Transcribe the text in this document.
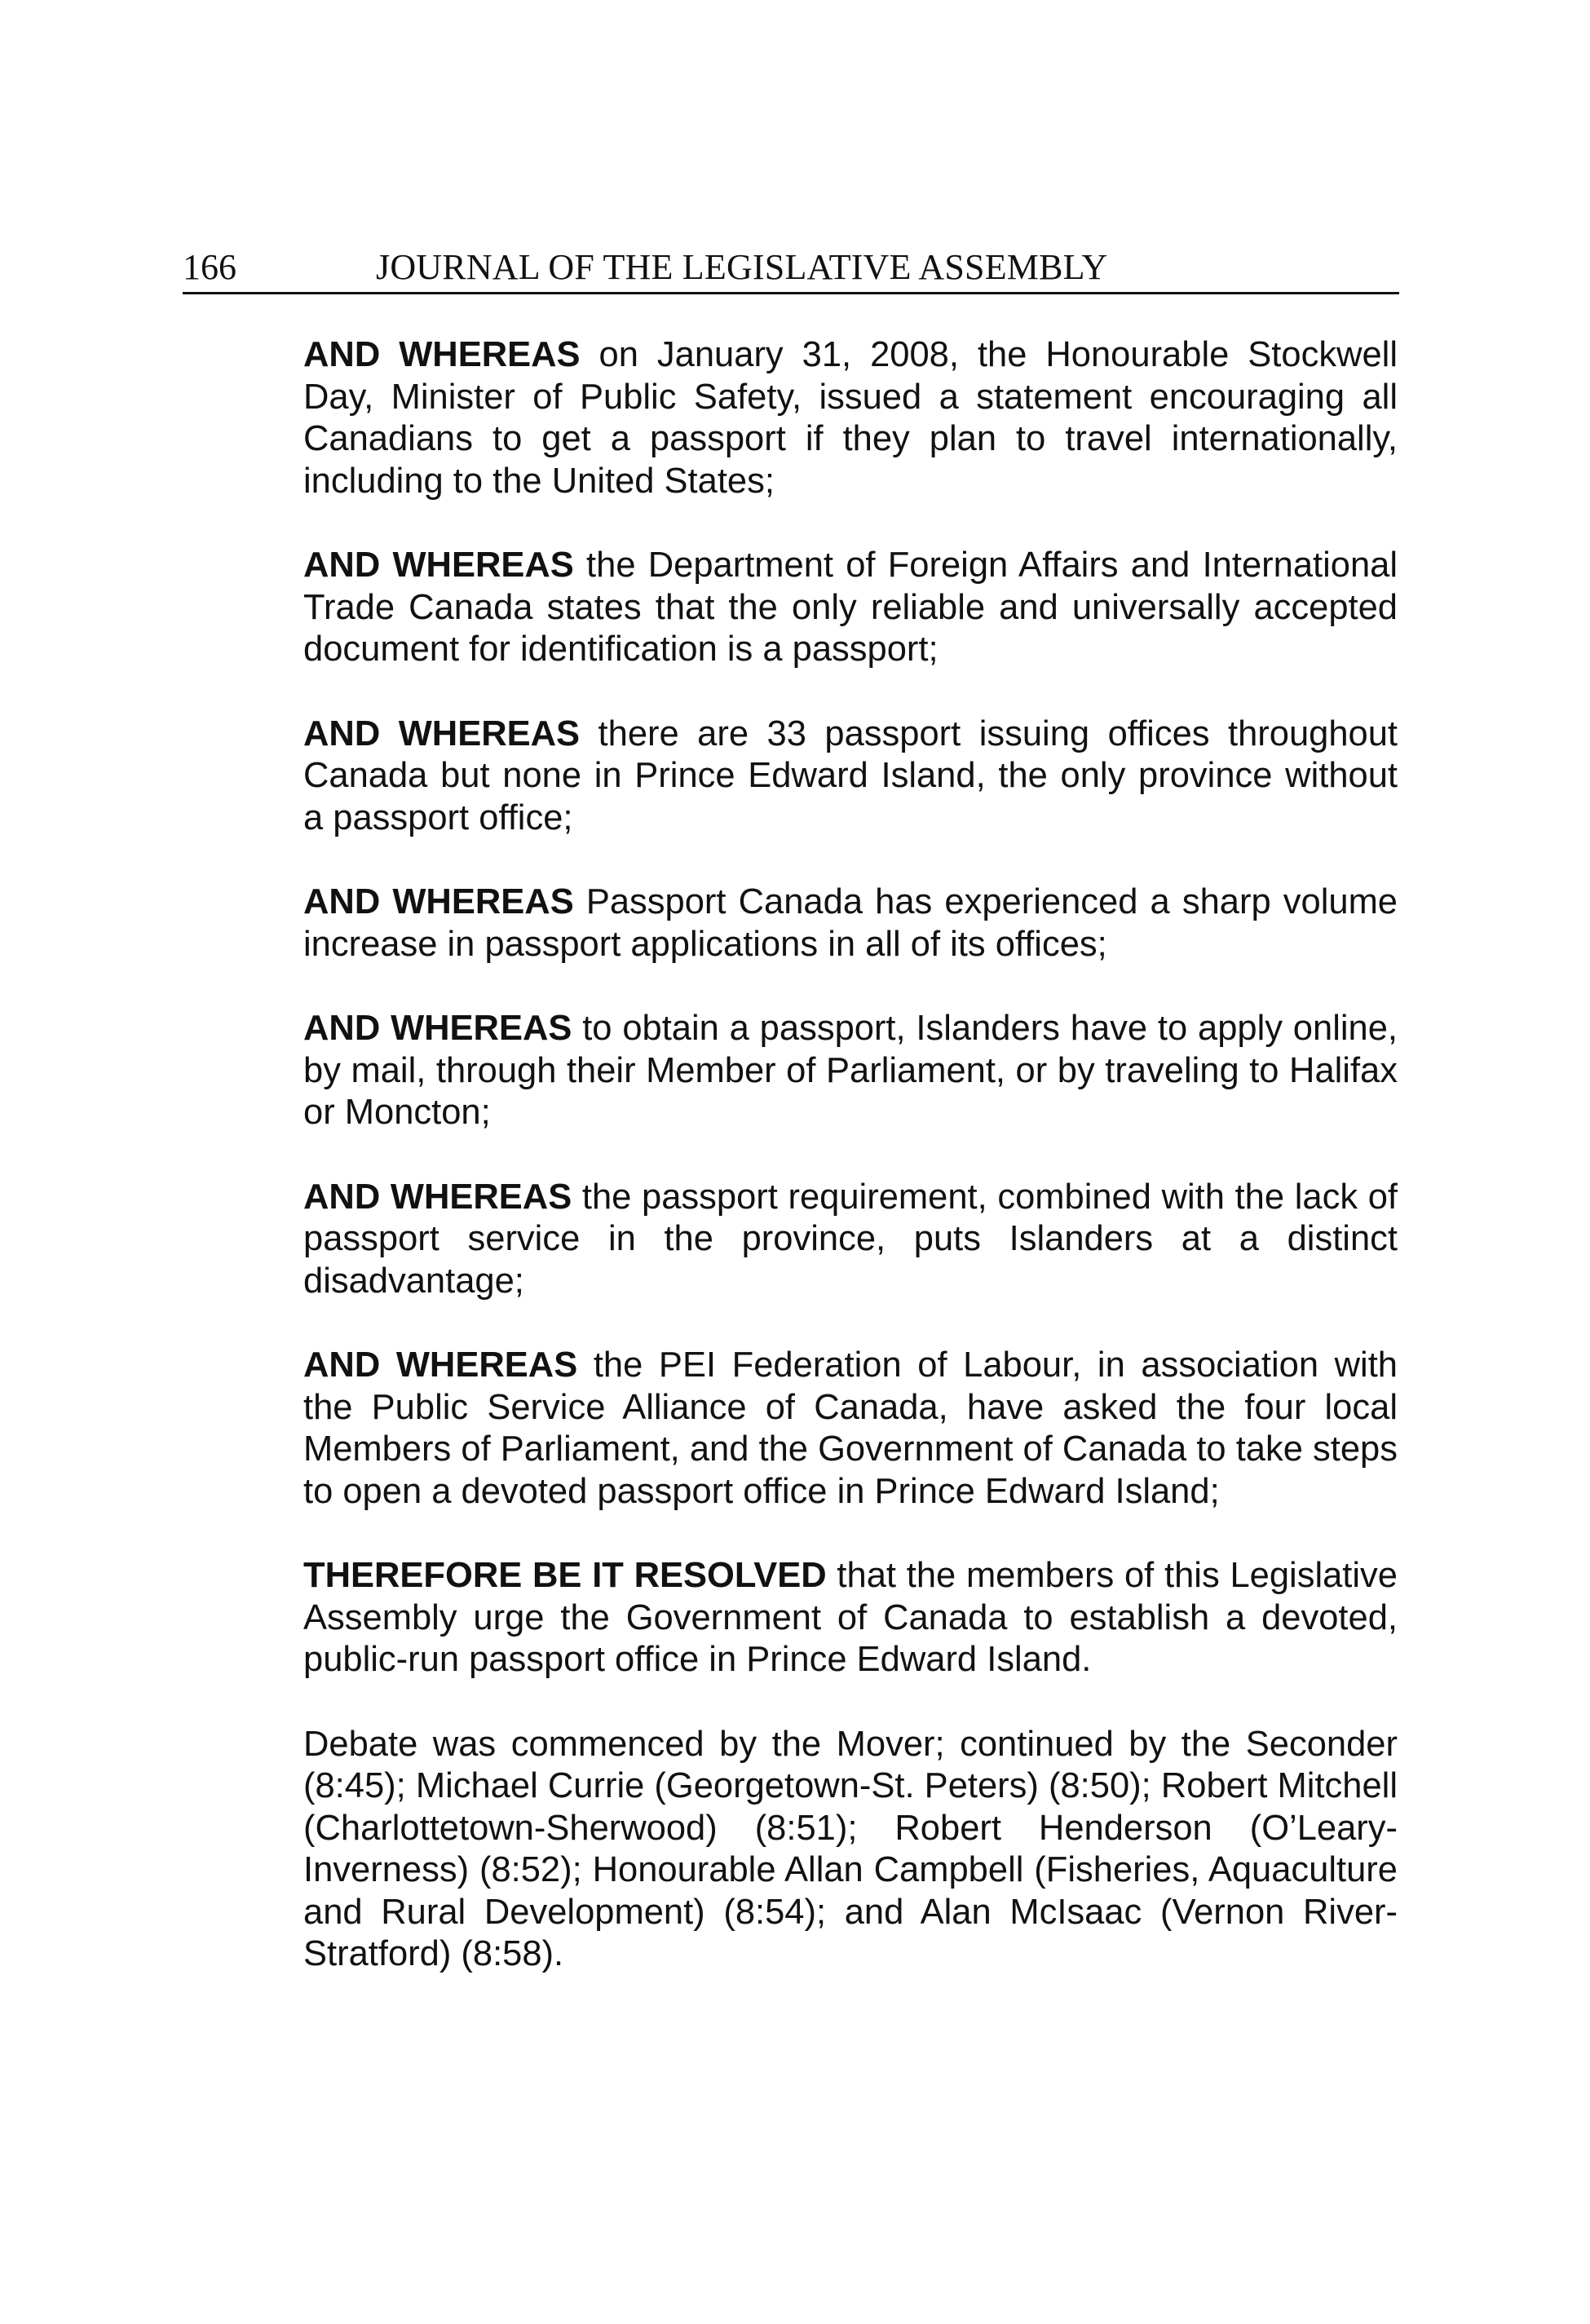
166	JOURNAL OF THE LEGISLATIVE ASSEMBLY

AND WHEREAS on January 31, 2008, the Honourable Stockwell Day, Minister of Public Safety, issued a statement encouraging all Canadians to get a passport if they plan to travel internationally, including to the United States;

AND WHEREAS the Department of Foreign Affairs and International Trade Canada states that the only reliable and universally accepted document for identification is a passport;

AND WHEREAS there are 33 passport issuing offices throughout Canada but none in Prince Edward Island, the only province without a passport office;

AND WHEREAS Passport Canada has experienced a sharp volume increase in passport applications in all of its offices;

AND WHEREAS to obtain a passport, Islanders have to apply online, by mail, through their Member of Parliament, or by traveling to Halifax or Moncton;

AND WHEREAS the passport requirement, combined with the lack of passport service in the province, puts Islanders at a distinct disadvantage;

AND WHEREAS the PEI Federation of Labour, in association with the Public Service Alliance of Canada, have asked the four local Members of Parliament, and the Government of Canada to take steps to open a devoted passport office in Prince Edward Island;

THEREFORE BE IT RESOLVED that the members of this Legislative Assembly urge the Government of Canada to establish a devoted, public-run passport office in Prince Edward Island.

Debate was commenced by the Mover; continued by the Seconder (8:45); Michael Currie (Georgetown-St. Peters) (8:50); Robert Mitchell (Charlottetown-Sherwood) (8:51); Robert Henderson (O’Leary-Inverness) (8:52); Honourable Allan Campbell (Fisheries, Aquaculture and Rural Development) (8:54); and Alan McIsaac (Vernon River-Stratford) (8:58).
